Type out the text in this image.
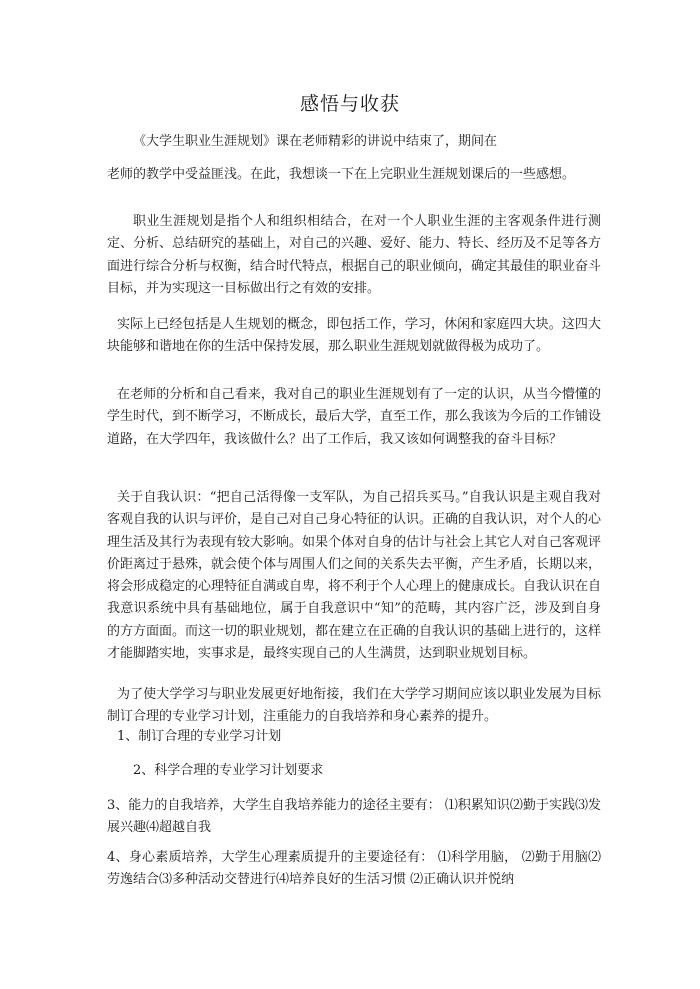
感悟与收获

《大学生职业生涯规划》课在老师精彩的讲说中结束了，期间在

老师的教学中受益匪浅。在此，我想谈一下在上完职业生涯规划课后的一些感想。

职业生涯规划是指个人和组织相结合，在对一个人职业生涯的主客观条件进行测定、分析、总结研究的基础上，对自己的兴趣、爱好、能力、特长、经历及不足等各方面进行综合分析与权衡，结合时代特点，根据自己的职业倾向，确定其最佳的职业奋斗目标，并为实现这一目标做出行之有效的安排。

实际上已经包括是人生规划的概念，即包括工作，学习，休闲和家庭四大块。这四大块能够和谐地在你的生活中保持发展，那么职业生涯规划就做得极为成功了。

在老师的分析和自己看来，我对自己的职业生涯规划有了一定的认识，从当今懵懂的学生时代，到不断学习，不断成长，最后大学，直至工作，那么我该为今后的工作铺设道路，在大学四年，我该做什么？出了工作后，我又该如何调整我的奋斗目标？

关于自我认识：“把自己活得像一支军队，为自己招兵买马。”自我认识是主观自我对客观自我的认识与评价，是自己对自己身心特征的认识。正确的自我认识，对个人的心理生活及其行为表现有较大影响。如果个体对自身的估计与社会上其它人对自己客观评价距离过于悬殊，就会使个体与周围人们之间的关系失去平衡，产生矛盾，长期以来，将会形成稳定的心理特征自满或自卑，将不利于个人心理上的健康成长。自我认识在自我意识系统中具有基础地位，属于自我意识中“知”的范畴，其内容广泛，涉及到自身的方方面面。而这一切的职业规划，都在建立在正确的自我认识的基础上进行的，这样才能脚踏实地，实事求是，最终实现自己的人生满贯，达到职业规划目标。

为了使大学学习与职业发展更好地衔接，我们在大学学习期间应该以职业发展为目标制订合理的专业学习计划，注重能力的自我培养和身心素养的提升。

1、制订合理的专业学习计划

2、科学合理的专业学习计划要求

3、能力的自我培养，大学生自我培养能力的途径主要有： ⑴积累知识⑵勤于实践⑶发展兴趣⑷超越自我

4、身心素质培养，大学生心理素质提升的主要途径有： ⑴科学用脑， ⑵勤于用脑⑵劳逸结合⑶多种活动交替进行⑷培养良好的生活习惯 ⑵正确认识并悦纳
